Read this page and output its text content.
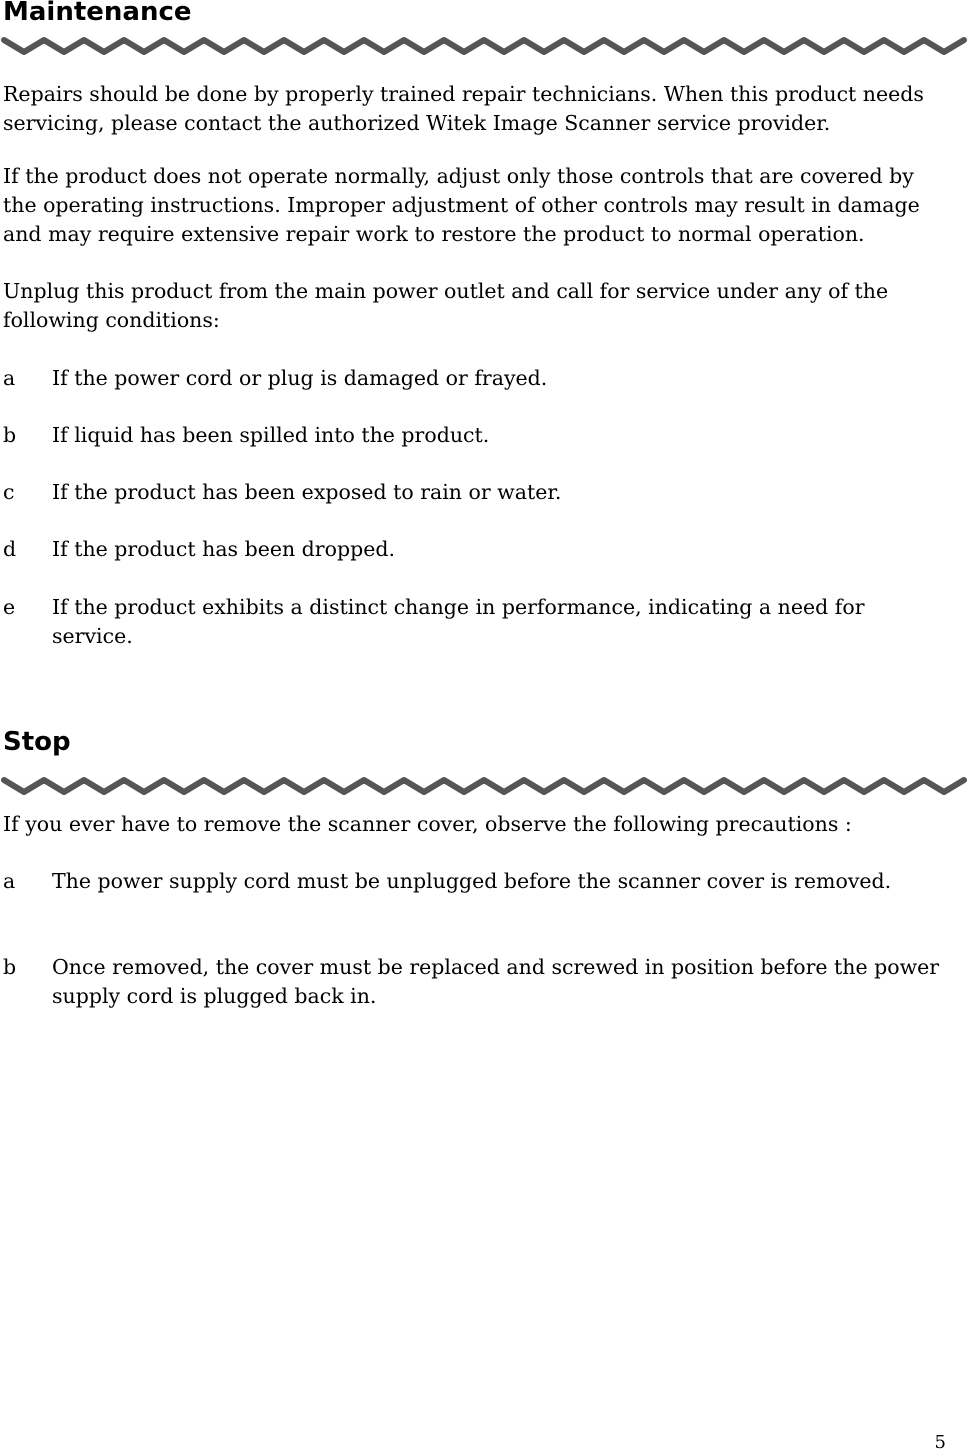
Maintenance

Repairs should be done by properly trained repair technicians. When this product needs servicing, please contact the authorized Witek Image Scanner service provider.

If the product does not operate normally, adjust only those controls that are covered by the operating instructions. Improper adjustment of other controls may result in damage and may require extensive repair work to restore the product to normal operation.

Unplug this product from the main power outlet and call for service under any of the following conditions:

a If the power cord or plug is damaged or frayed.
b If liquid has been spilled into the product.
c If the product has been exposed to rain or water.
d If the product has been dropped.
e If the product exhibits a distinct change in performance, indicating a need for service.
Stop

If you ever have to remove the scanner cover, observe the following precautions :

a The power supply cord must be unplugged before the scanner cover is removed.
b Once removed, the cover must be replaced and screwed in position before the power supply cord is plugged back in.

5
